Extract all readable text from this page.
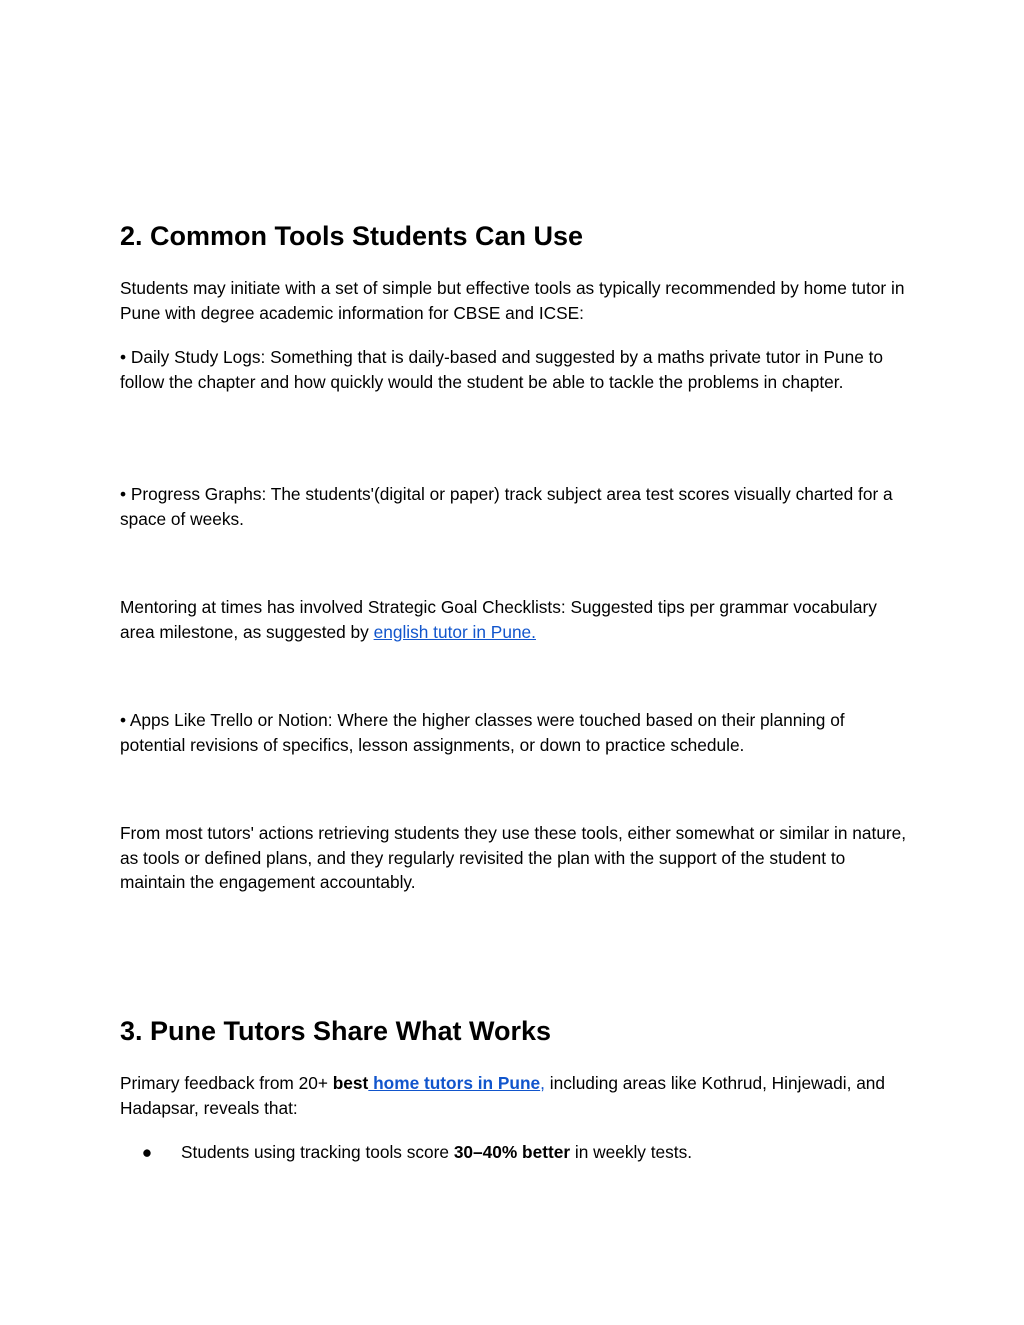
2. Common Tools Students Can Use

Students may initiate with a set of simple but effective tools as typically recommended by home tutor in Pune with degree academic information for CBSE and ICSE:

• Daily Study Logs: Something that is daily-based and suggested by a maths private tutor in Pune to follow the chapter and how quickly would the student be able to tackle the problems in chapter.

• Progress Graphs: The students'(digital or paper) track subject area test scores visually charted for a space of weeks.

Mentoring at times has involved Strategic Goal Checklists: Suggested tips per grammar vocabulary area milestone, as suggested by english tutor in Pune.

• Apps Like Trello or Notion: Where the higher classes were touched based on their planning of potential revisions of specifics, lesson assignments, or down to practice schedule.

From most tutors' actions retrieving students they use these tools, either somewhat or similar in nature, as tools or defined plans, and they regularly revisited the plan with the support of the student to maintain the engagement accountably.

3. Pune Tutors Share What Works

Primary feedback from 20+ best home tutors in Pune, including areas like Kothrud, Hinjewadi, and Hadapsar, reveals that:

● Students using tracking tools score 30–40% better in weekly tests.
